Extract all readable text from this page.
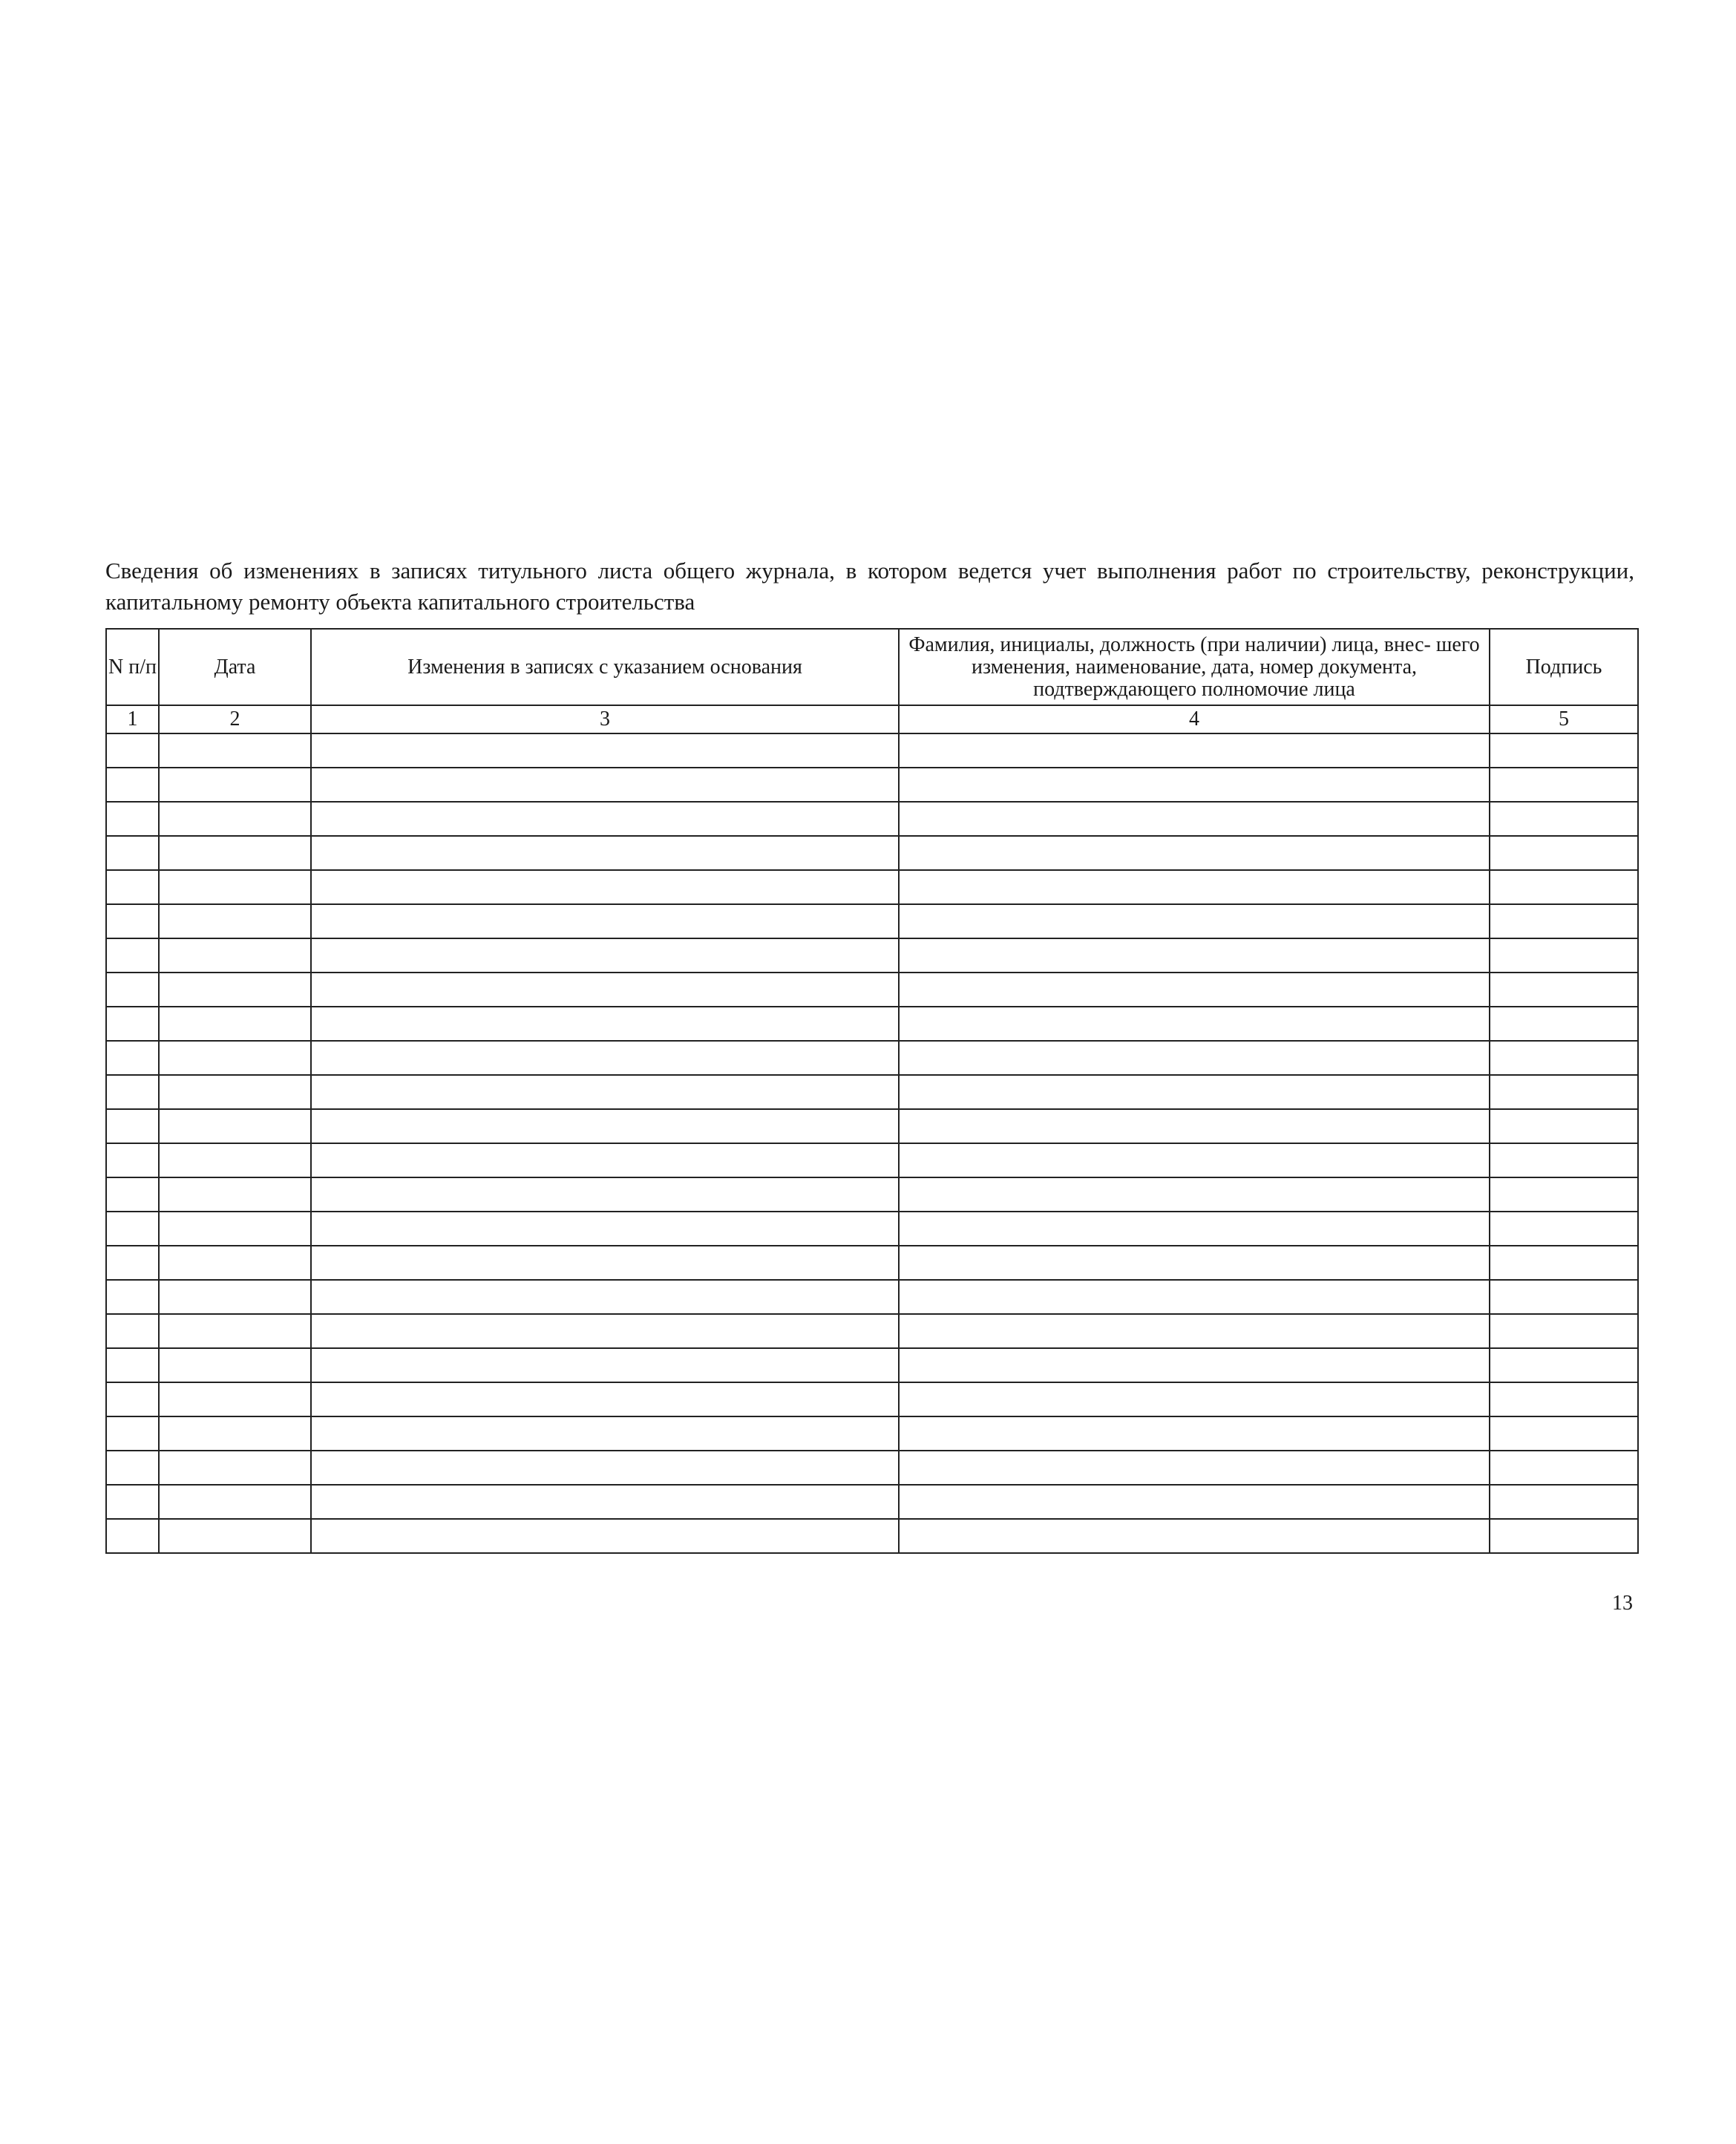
Сведения об изменениях в записях титульного листа общего журнала, в котором ведется учет выполнения работ по строительству, реконструкции, капитальному ремонту объекта капитального строительства

N п/п	Дата	Изменения в записях с указанием основания	Фамилия, инициалы, должность (при наличии) лица, внес- шего изменения, наименование, дата, номер документа, подтверждающего полномочие лица	Подпись
1	2	3	4	5

13
